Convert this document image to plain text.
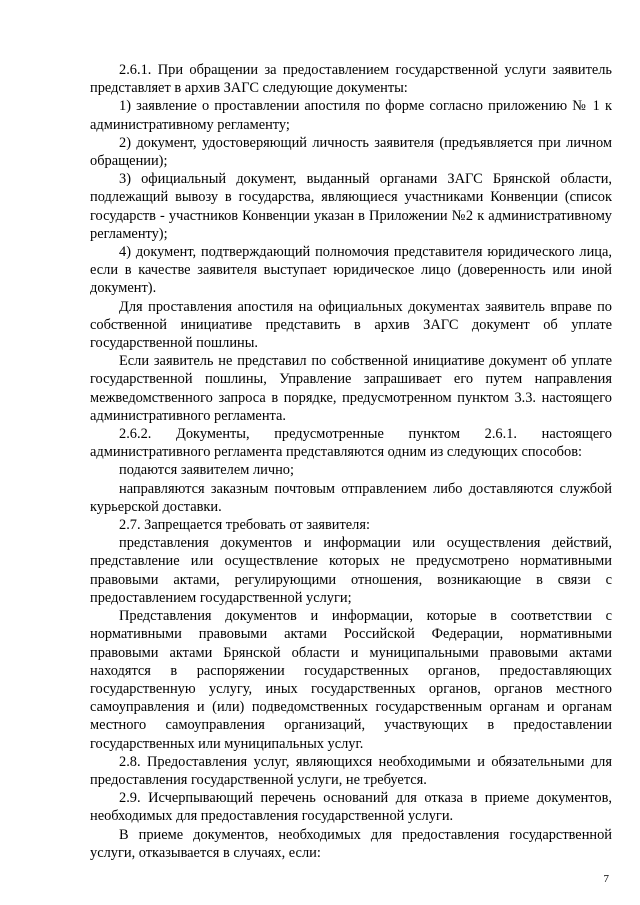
2.6.1. При обращении за предоставлением государственной услуги заявитель представляет в архив ЗАГС следующие документы:

1) заявление о проставлении апостиля по форме согласно приложению № 1 к административному регламенту;

2) документ, удостоверяющий личность заявителя (предъявляется при личном обращении);

3) официальный документ, выданный органами ЗАГС Брянской области, подлежащий вывозу в государства, являющиеся участниками Конвенции (список государств - участников Конвенции указан в Приложении №2 к административному регламенту);

4) документ, подтверждающий полномочия представителя юридического лица, если в качестве заявителя выступает юридическое лицо (доверенность или иной документ).

Для проставления апостиля на официальных документах заявитель вправе по собственной инициативе представить в архив ЗАГС документ об уплате государственной пошлины.

Если заявитель не представил по собственной инициативе документ об уплате государственной пошлины, Управление запрашивает его путем направления межведомственного запроса в порядке, предусмотренном пунктом 3.3. настоящего административного регламента.

2.6.2. Документы, предусмотренные пунктом 2.6.1. настоящего административного регламента представляются одним из следующих способов:

подаются заявителем лично;

направляются заказным почтовым отправлением либо доставляются службой курьерской доставки.

2.7. Запрещается требовать от заявителя:

представления документов и информации или осуществления действий, представление или осуществление которых не предусмотрено нормативными правовыми актами, регулирующими отношения, возникающие в связи с предоставлением государственной услуги;

Представления документов и информации, которые в соответствии с нормативными правовыми актами Российской Федерации, нормативными правовыми актами Брянской области и муниципальными правовыми актами находятся в распоряжении государственных органов, предоставляющих государственную услугу, иных государственных органов, органов местного самоуправления и (или) подведомственных государственным органам и органам местного самоуправления организаций, участвующих в предоставлении государственных или муниципальных услуг.

2.8. Предоставления услуг, являющихся необходимыми и обязательными для предоставления государственной услуги, не требуется.

2.9. Исчерпывающий перечень оснований для отказа в приеме документов, необходимых для предоставления государственной услуги.

В приеме документов, необходимых для предоставления государственной услуги, отказывается в случаях, если:

7
